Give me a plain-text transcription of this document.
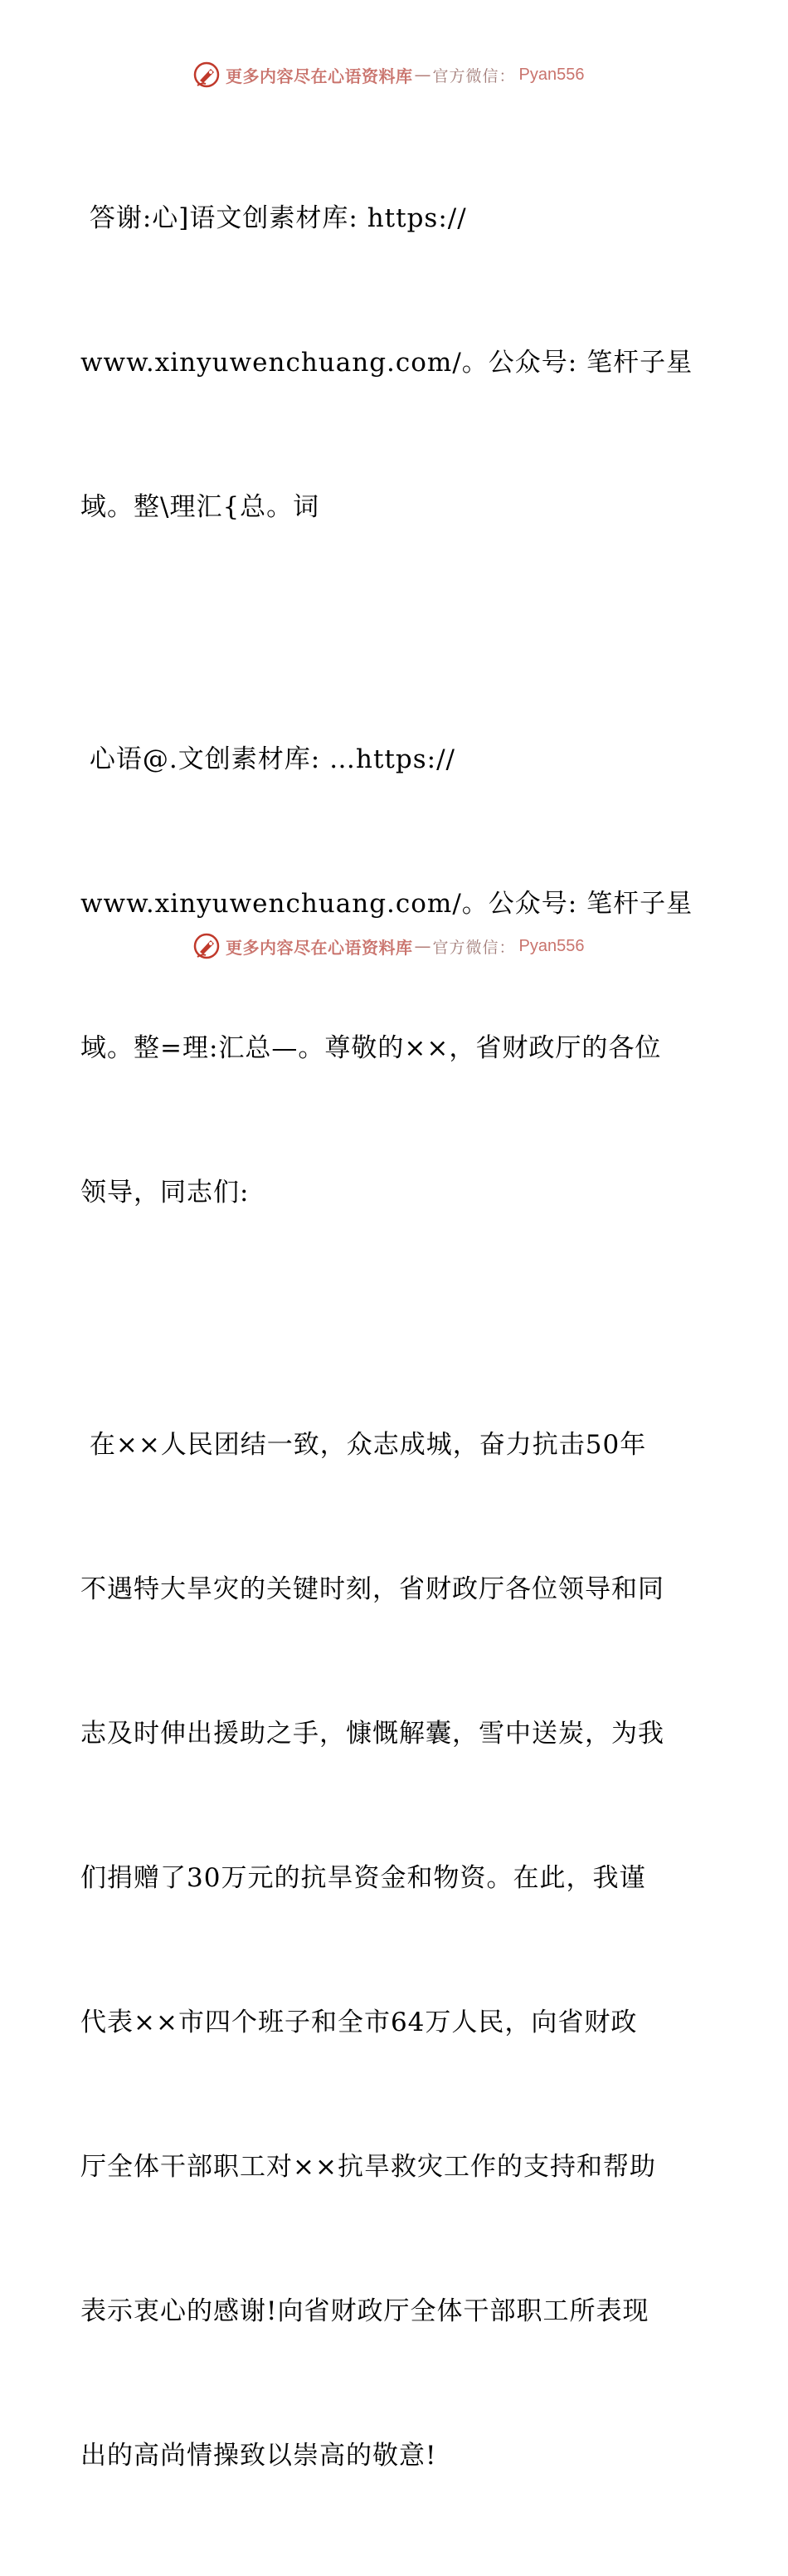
更多内容尽在心语资料库 — 官方微信： Pyan556

答谢:心]语文创素材库: https://

www.xinyuwenchuang.com/。公众号: 笔杆子星

域。整\理汇{总。词

心语@.文创素材库: …https://

www.xinyuwenchuang.com/。公众号: 笔杆子星

域。整=理:汇总—。尊敬的××，省财政厅的各位

领导，同志们:

在××人民团结一致，众志成城，奋力抗击50年

不遇特大旱灾的关键时刻，省财政厅各位领导和同

志及时伸出援助之手，慷慨解囊，雪中送炭，为我

们捐赠了30万元的抗旱资金和物资。在此，我谨

代表××市四个班子和全市64万人民，向省财政

厅全体干部职工对××抗旱救灾工作的支持和帮助

表示衷心的感谢!向省财政厅全体干部职工所表现

出的高尚情操致以崇高的敬意!

更多内容尽在心语资料库 — 官方微信： Pyan556
